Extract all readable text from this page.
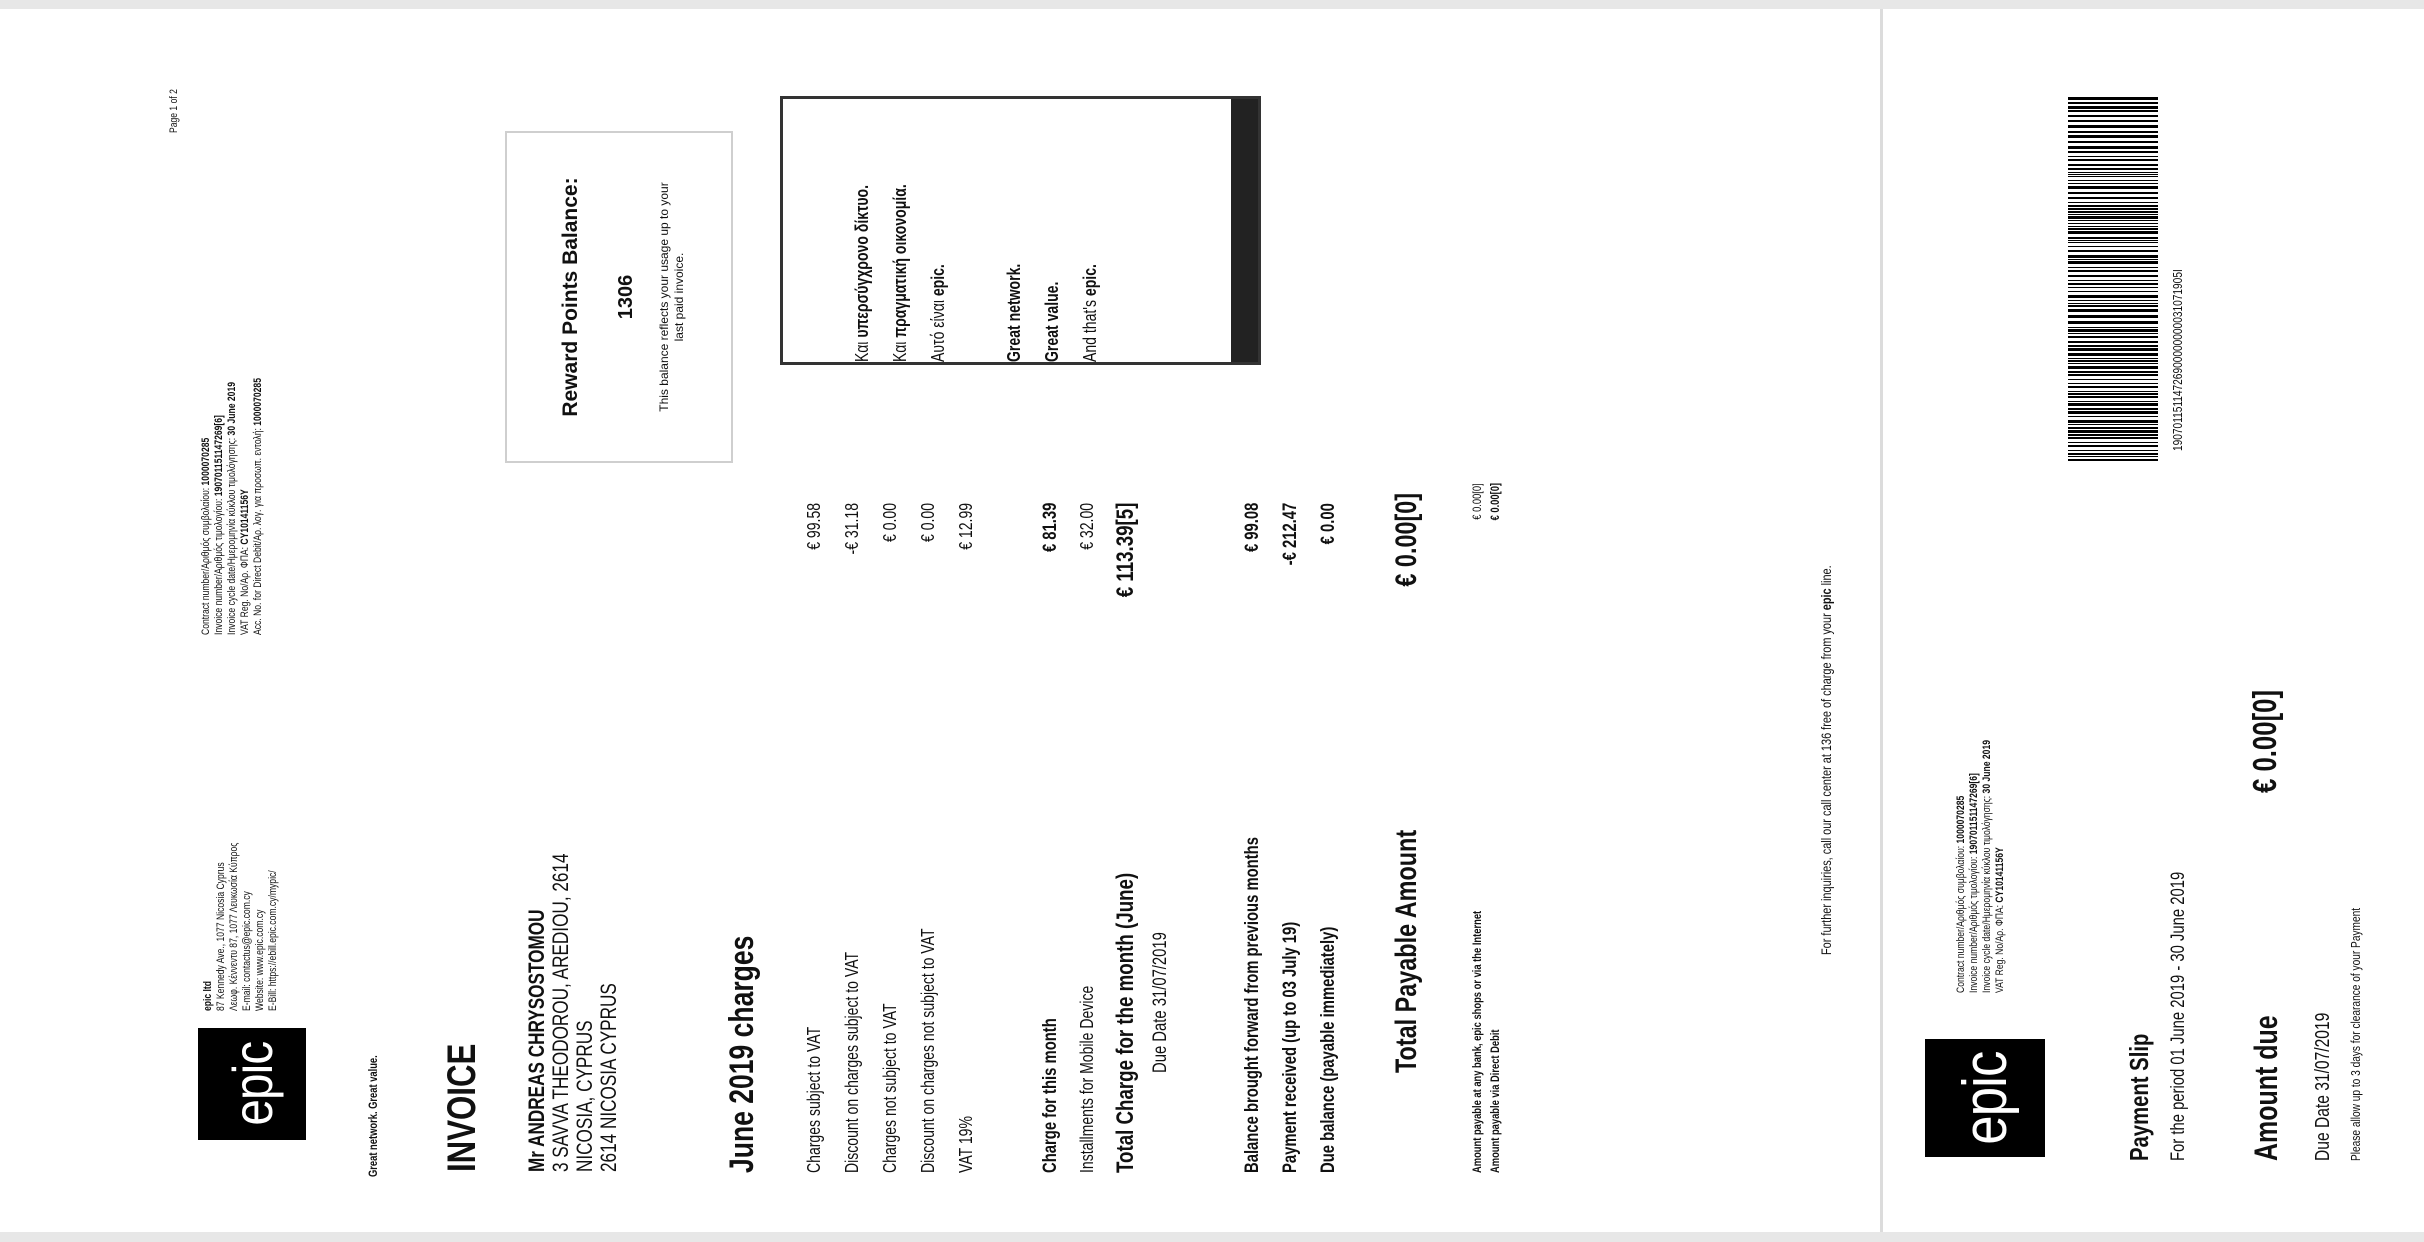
Page 1 of 2
epic
epic ltd 87 Kennedy Ave., 1077 Nicosia Cyprus Λεωφ. Κέννεντυ 87, 1077 Λευκωσία Κύπρος E-mail: contactus@epic.com.cy Website: www.epic.com.cy E-Bill: https://ebill.epic.com.cy/mypic/
Contract number/Αριθμός συμβολαίου: 1000070285
Invoice number/Αριθμός τιμολογίου: 190701151147269[6] Invoice cycle date/Ημερομηνία κύκλου τιμολόγησης: 30 June 2019
VAT Reg. No/Αρ. ΦΠΑ: CY10141156Y Acc. No. for Direct Debit/Αρ. λογ. για προσωπ. εντολή: 1000070285
Great network. Great value. INVOICE Mr ANDREAS CHRYSOSTOMOU 3 SAVVA THEODOROU, AREDIOU, 2614 NICOSIA, CYPRUS 2614 NICOSIA CYPRUS	June 2019 charges	Charges subject to VAT
€ 99.58
Discount on charges subject to VAT
-€ 31.18
Charges not subject to VAT
€ 0.00
Discount on charges not subject to VAT
€ 0.00
VAT 19%
€ 12.99
Charge for this month
€ 81.39
Installments for Mobile Device
€ 32.00
Total Charge for the month (June)
€ 113.39[5]
Due Date 31/07/2019	Balance brought forward from previous months
€ 99.08
Payment received (up to 03 July 19)
-€ 212.47
Due balance (payable immediately)
€ 0.00
Total Payable Amount
€ 0.00[0]
Amount payable at any bank, epic shops or via the Internet
€ 0.00[0]
Amount payable via Direct Debit
€ 0.00[0]
Reward Points Balance: 1306 This balance reflects your usage up to your last paid invoice.
Και υπερσύγχρονο δίκτυο.
Και πραγματική οικονομία.	Αυτό είναι epic.	Great network.	Great value.	And that's epic.
For further inquiries, call our call center at 136 free of charge from your epic line.
epic
Contract number/Αριθμός συμβολαίου: 1000070285
Invoice number/Αριθμός τιμολογίου: 190701151147269[6] Invoice cycle date/Ημερομηνία κύκλου τιμολόγησης: 30 June 2019
VAT Reg. No/Αρ. ΦΠΑ: CY10141156Y
Payment Slip For the period 01 June 2019 - 30 June 2019 Amount due
€ 0.00[0]
Due Date 31/07/2019 Please allow up to 3 days for clearance of your Payment
19070115114726900000000031071905I
